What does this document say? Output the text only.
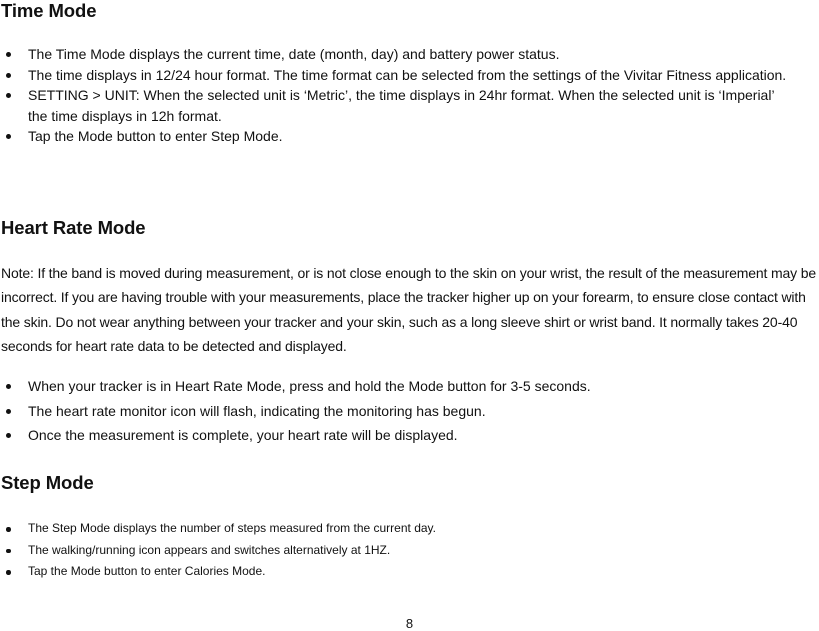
Time Mode
The Time Mode displays the current time, date (month, day) and battery power status.
The time displays in 12/24 hour format. The time format can be selected from the settings of the Vivitar Fitness application.
SETTING > UNIT: When the selected unit is ‘Metric’, the time displays in 24hr format. When the selected unit is ‘Imperial’ the time displays in 12h format.
Tap the Mode button to enter Step Mode.
Heart Rate Mode

Note: If the band is moved during measurement, or is not close enough to the skin on your wrist, the result of the measurement may be incorrect. If you are having trouble with your measurements, place the tracker higher up on your forearm, to ensure close contact with the skin. Do not wear anything between your tracker and your skin, such as a long sleeve shirt or wrist band. It normally takes 20-40 seconds for heart rate data to be detected and displayed.

When your tracker is in Heart Rate Mode, press and hold the Mode button for 3-5 seconds.
The heart rate monitor icon will flash, indicating the monitoring has begun.
Once the measurement is complete, your heart rate will be displayed.
Step Mode
The Step Mode displays the number of steps measured from the current day.
The walking/running icon appears and switches alternatively at 1HZ.
Tap the Mode button to enter Calories Mode.
8
